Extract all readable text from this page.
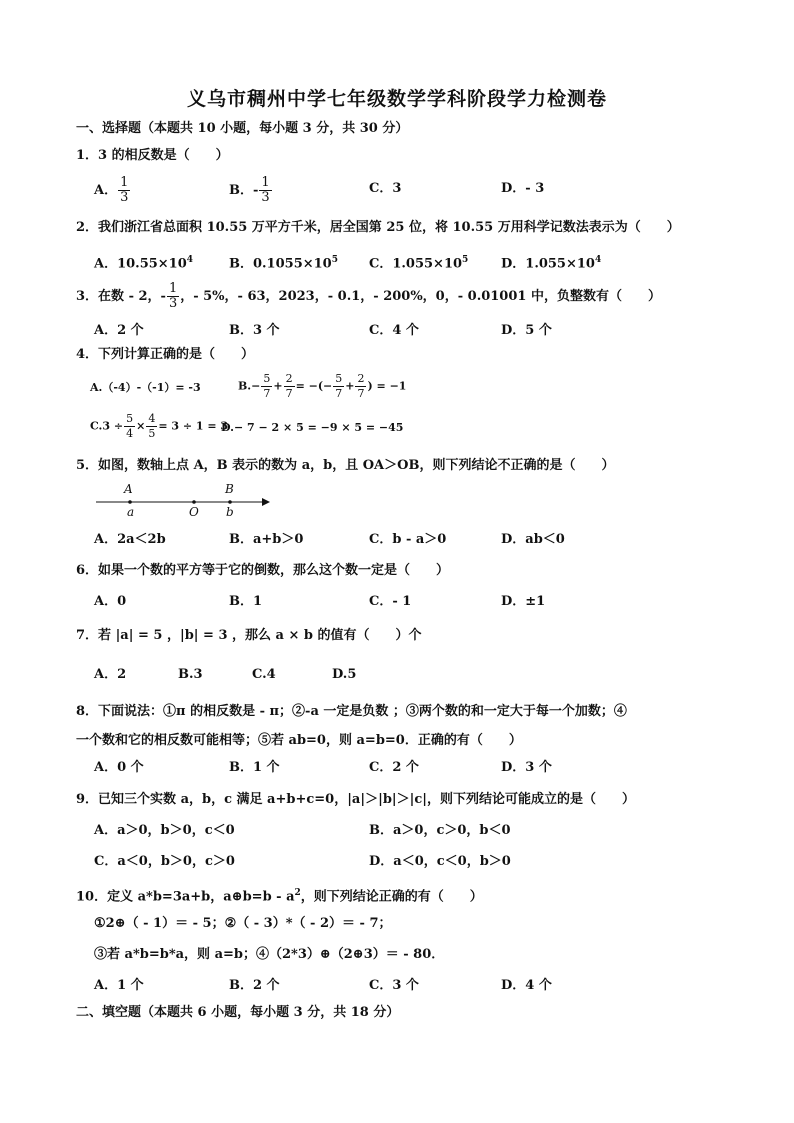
义乌市稠州中学七年级数学学科阶段学力检测卷
一、选择题（本题共 10 小题，每小题 3 分，共 30 分）
1．3 的相反数是（　　）
A． $\frac{1}{3}$	B．- $\frac{1}{3}$	C．3	D．- 3
2．我们浙江省总面积 10.55 万平方千米，居全国第 25 位，将 10.55 万用科学记数法表示为（　　）
A．$10.55\times 10^4$	B．$0.1055\times 10^5$ C．$1.055\times 10^5$	D．$1.055\times 10^4$
3．在数 - 2，- $\frac{1}{3}$ ，- 5%，- 63，2023，- 0.1，- 200%，0，- 0.01001 中，负整数有（　　）
A．2 个	B．3 个	C．4 个	D．5 个
4．下列计算正确的是（　　）
A.（-4）-（-1）= -3	$B.- \frac{5}{7} + \frac{2}{7}$ = −(− $\frac{5}{7} + \frac{2}{7}$ ) = −1
$C.3 \div \frac{5}{4} \times \frac{4}{5} = 3 \div 1 = 3$
D.− 7 − 2 × 5 = −9 × 5 = −45
5．如图，数轴上点 A，B 表示的数为 a，b，且 OA＞OB，则下列结论不正确的是（　　）
A	B
a	O b
A．2a＜2b	B．a+b＞0	C．b - a＞0	D．ab＜0
6．如果一个数的平方等于它的倒数，那么这个数一定是（　　）
A．0	B．1	C．- 1	D．±1
7．若 |a| = 5 ，|b| = 3 ，那么 a × b 的值有（　　）个
A．2	B.3	C.4	D.5
8．下面说法：①π 的相反数是 - π；②-a 一定是负数 ；③两个数的和一定大于每一个加数；④
一个数和它的相反数可能相等；⑤若 ab=0，则 a=b=0．正确的有（　　）
A．0 个	B．1 个	C．2 个	D．3 个
9．已知三个实数 a，b，c 满足 a+b+c=0，|a|＞|b|＞|c|，则下列结论可能成立的是（　　）
A．a＞0，b＞0，c＜0	B．a＞0，c＞0，b＜0
C．a＜0，b＞0，c＞0	D．a＜0，c＜0，b＞0
10．定义 a*b=3a+b，a⊕b=b - $a^2$，则下列结论正确的有（　　）
①2⊕（ - 1）＝ - 5；②（ - 3）*（ - 2）＝ - 7；
③若 a*b=b*a，则 a=b；④（2*3）⊕（2⊕3）＝ - 80．
A．1 个	B．2 个	C．3 个	D．4 个
二、填空题（本题共 6 小题，每小题 3 分，共 18 分）
